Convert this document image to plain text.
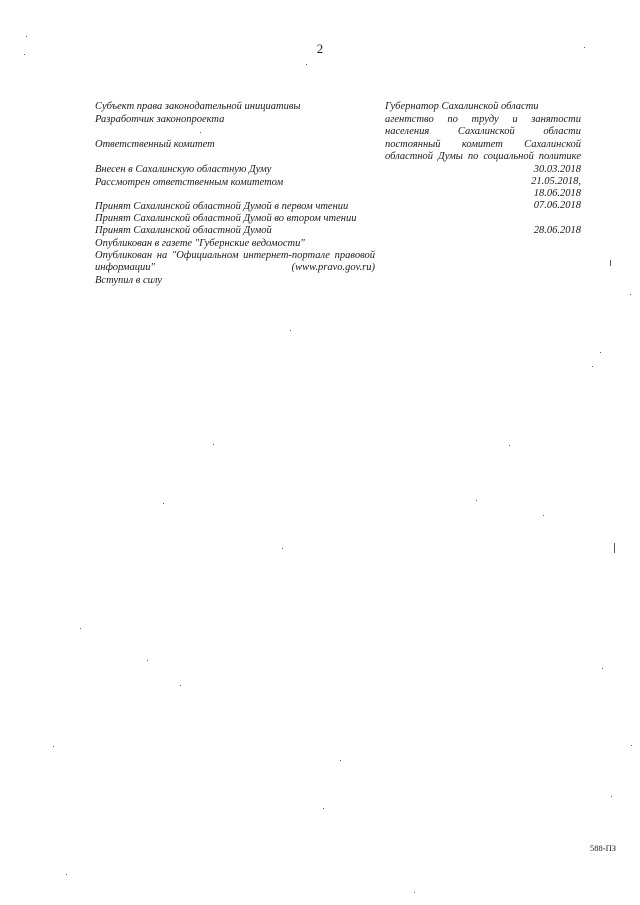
2
Субъект права законодательной инициативы
Разработчик законопроекта
Ответственный комитет
Внесен в Сахалинскую областную Думу
Рассмотрен ответственным комитетом
Принят Сахалинской областной Думой в первом чтении
Принят Сахалинской областной Думой во втором чтении
Принят Сахалинской областной Думой
Опубликован в газете "Губернские ведомости"
Опубликован на "Официальном интернет-портале правовой информации" (www.pravo.gov.ru)
Вступил в силу
Губернатор Сахалинской области
агентство по труду и занятости населения Сахалинской области
постоянный комитет Сахалинской областной Думы по социальной политике
30.03.2018
21.05.2018,
18.06.2018
07.06.2018
28.06.2018
588-ПЗ
